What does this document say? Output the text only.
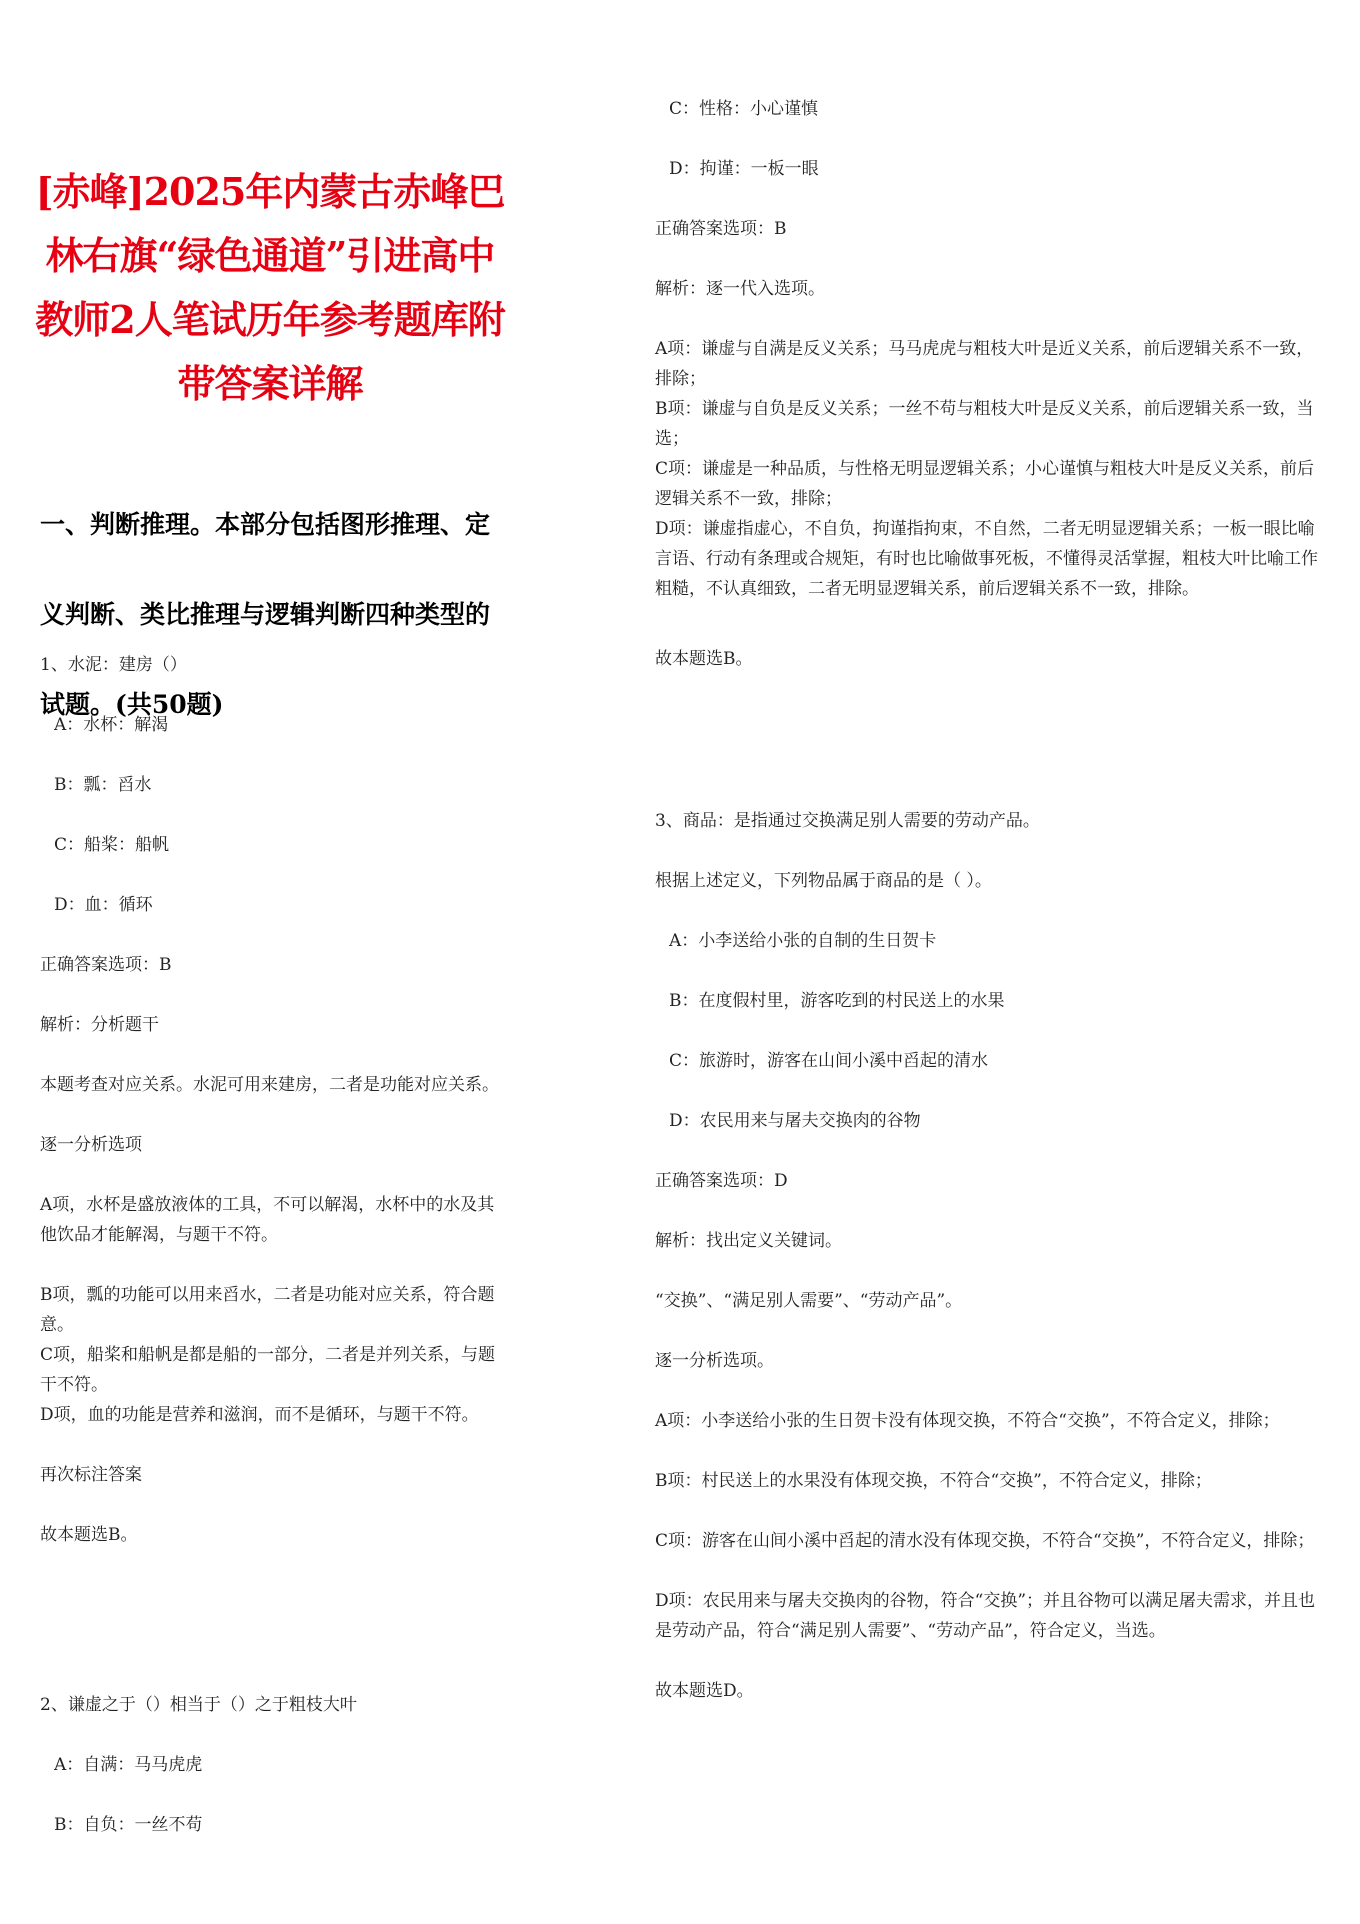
[赤峰]2025年内蒙古赤峰巴林右旗“绿色通道”引进高中教师2人笔试历年参考题库附带答案详解
一、判断推理。本部分包括图形推理、定义判断、类比推理与逻辑判断四种类型的试题。(共50题)
1、水泥：建房（）
A：水杯：解渴
B：瓢：舀水
C：船桨：船帆
D：血：循环
正确答案选项：B
解析：分析题干
本题考查对应关系。水泥可用来建房，二者是功能对应关系。
逐一分析选项
A项，水杯是盛放液体的工具，不可以解渴，水杯中的水及其他饮品才能解渴，与题干不符。
B项，瓢的功能可以用来舀水，二者是功能对应关系，符合题意。
C项，船桨和船帆是都是船的一部分，二者是并列关系，与题干不符。
D项，血的功能是营养和滋润，而不是循环，与题干不符。
再次标注答案
故本题选B。
2、谦虚之于（）相当于（）之于粗枝大叶
A：自满：马马虎虎
B：自负：一丝不苟
C：性格：小心谨慎
D：拘谨：一板一眼
正确答案选项：B
解析：逐一代入选项。
A项：谦虚与自满是反义关系；马马虎虎与粗枝大叶是近义关系，前后逻辑关系不一致，排除；
B项：谦虚与自负是反义关系；一丝不苟与粗枝大叶是反义关系，前后逻辑关系一致，当选；
C项：谦虚是一种品质，与性格无明显逻辑关系；小心谨慎与粗枝大叶是反义关系，前后逻辑关系不一致，排除；
D项：谦虚指虚心，不自负，拘谨指拘束，不自然，二者无明显逻辑关系；一板一眼比喻言语、行动有条理或合规矩，有时也比喻做事死板，不懂得灵活掌握，粗枝大叶比喻工作粗糙，不认真细致，二者无明显逻辑关系，前后逻辑关系不一致，排除。
故本题选B。
3、商品：是指通过交换满足别人需要的劳动产品。
根据上述定义，下列物品属于商品的是（ ）。
A：小李送给小张的自制的生日贺卡
B：在度假村里，游客吃到的村民送上的水果
C：旅游时，游客在山间小溪中舀起的清水
D：农民用来与屠夫交换肉的谷物
正确答案选项：D
解析：找出定义关键词。
“交换”、“满足别人需要”、“劳动产品”。
逐一分析选项。
A项：小李送给小张的生日贺卡没有体现交换，不符合“交换”，不符合定义，排除；
B项：村民送上的水果没有体现交换，不符合“交换”，不符合定义，排除；
C项：游客在山间小溪中舀起的清水没有体现交换，不符合“交换”，不符合定义，排除；
D项：农民用来与屠夫交换肉的谷物，符合“交换”；并且谷物可以满足屠夫需求，并且也是劳动产品，符合“满足别人需要”、“劳动产品”，符合定义，当选。
故本题选D。
